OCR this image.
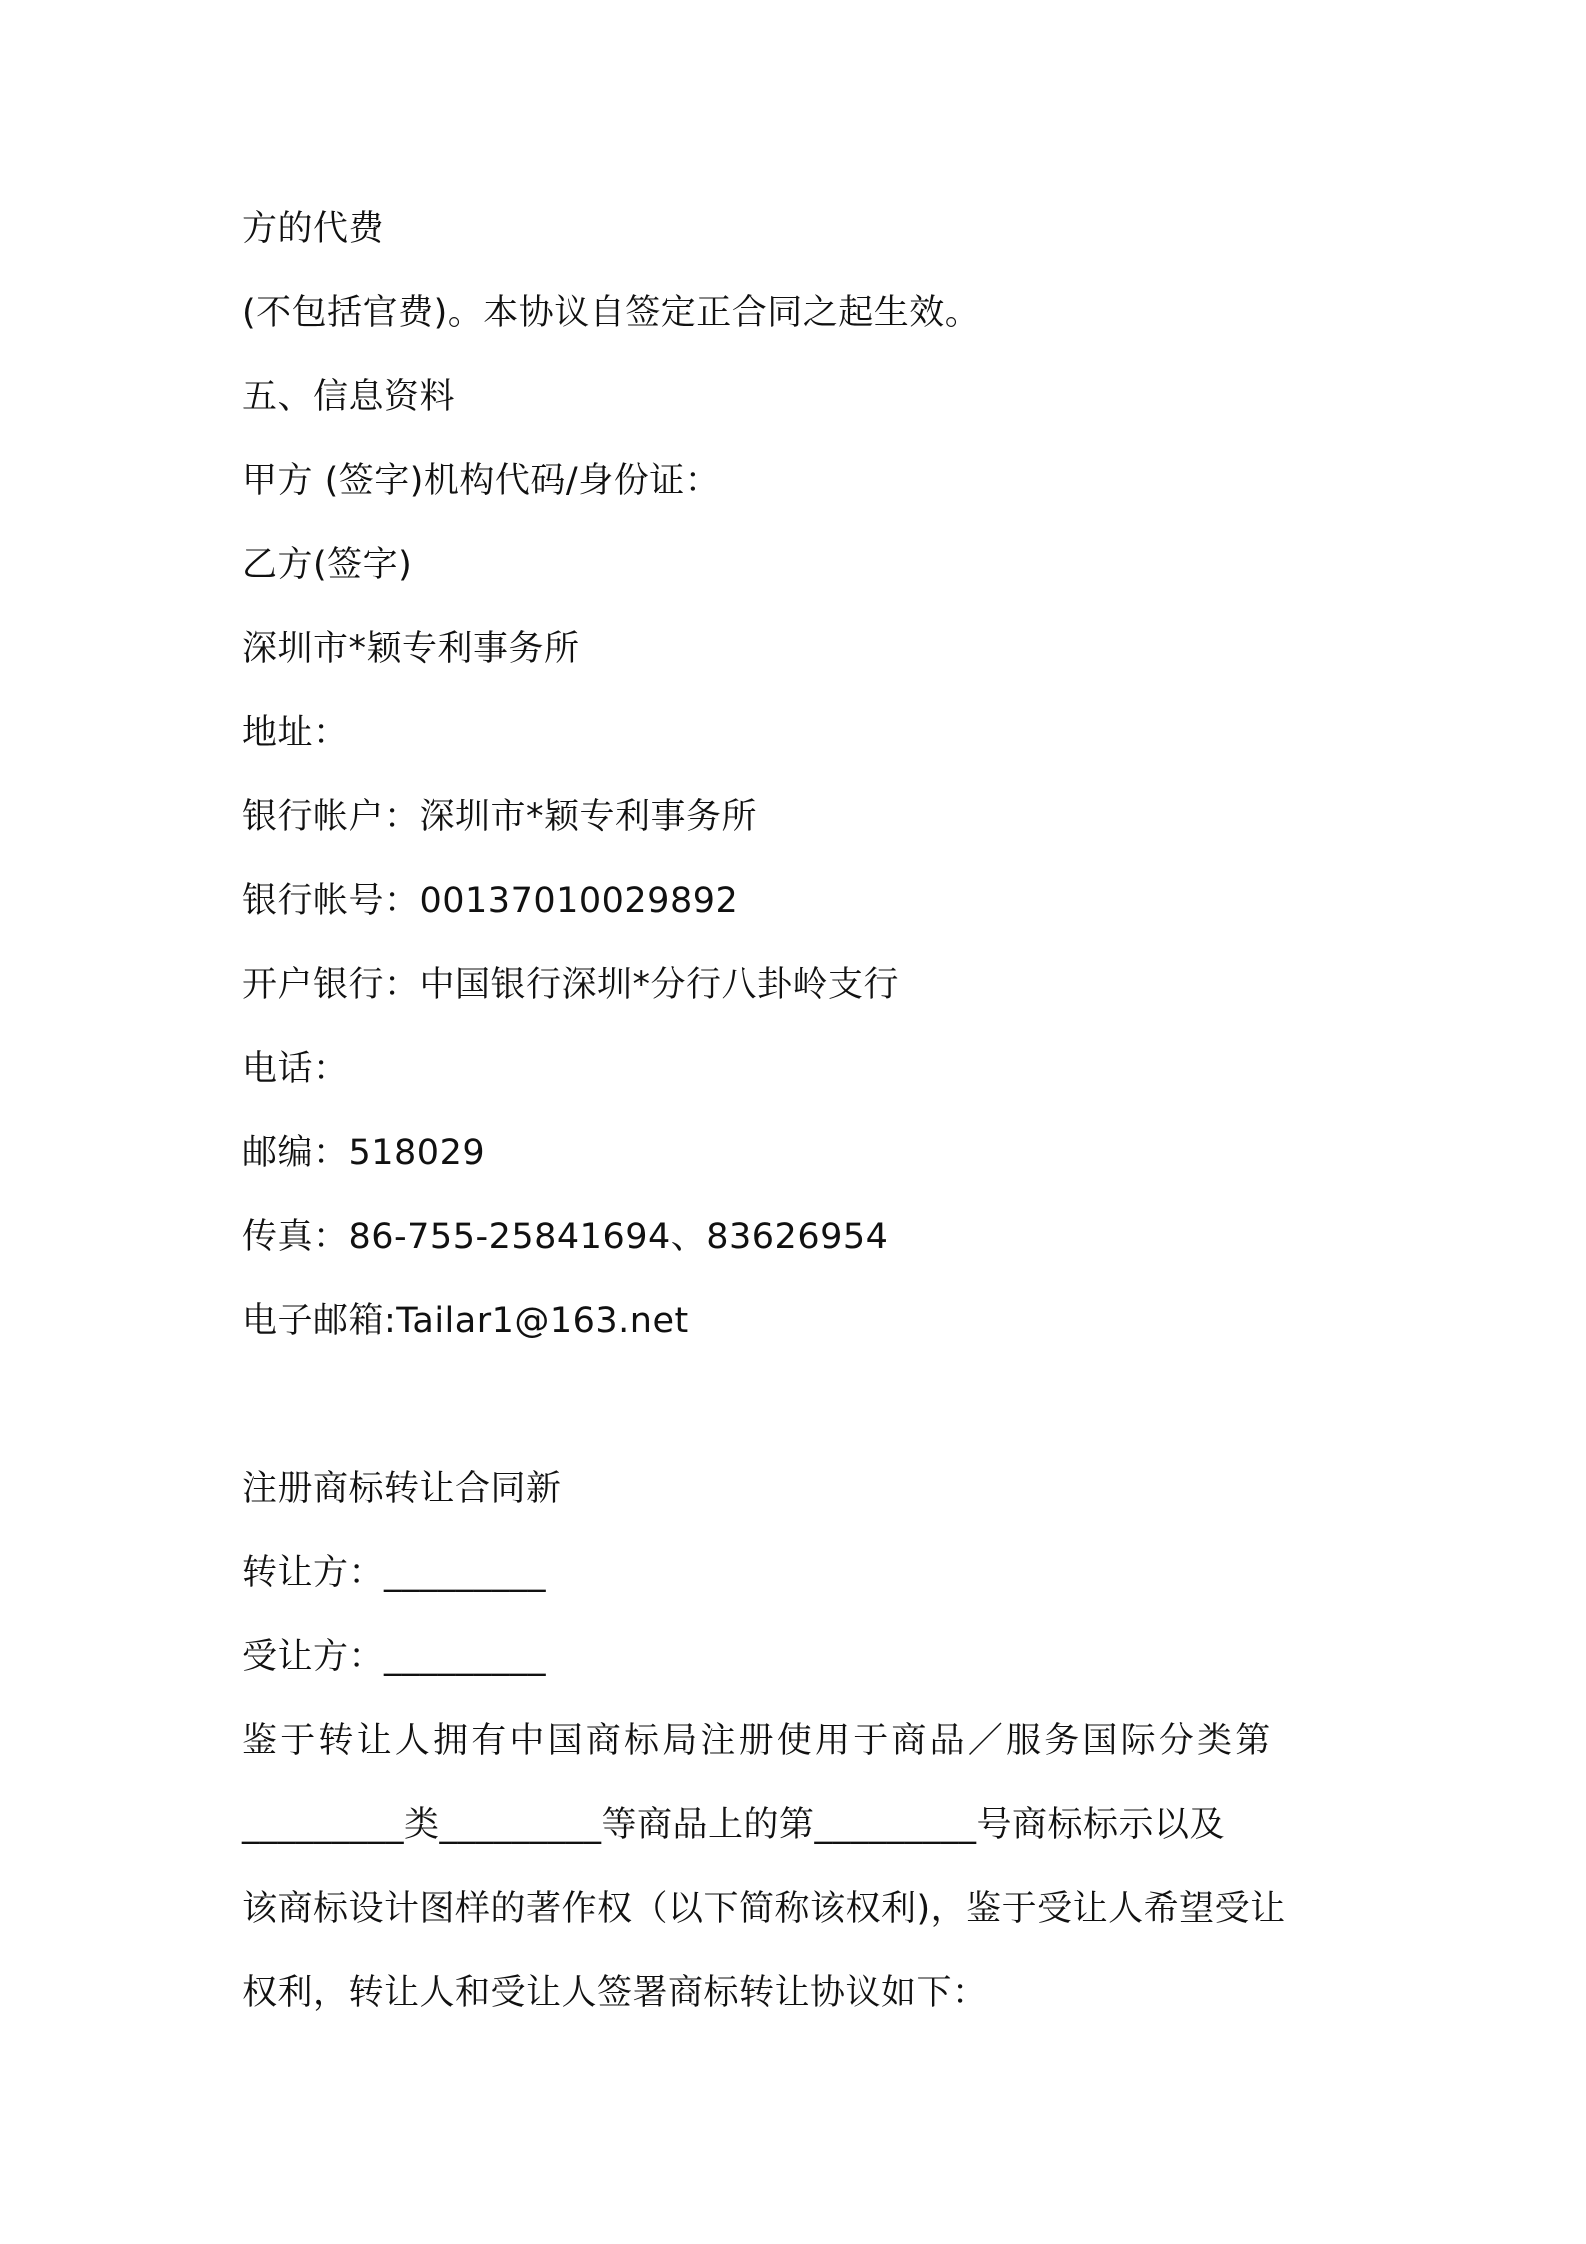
方的代费
(不包括官费)。本协议自签定正合同之起生效。
五、信息资料
甲方 (签字)机构代码/身份证：
乙方(签字)
深圳市*颖专利事务所
地址：
银行帐户：深圳市*颖专利事务所
银行帐号：00137010029892
开户银行：中国银行深圳*分行八卦岭支行
电话：
邮编：518029
传真：86-755-25841694、83626954
电子邮箱:Tailar1@163.net
注册商标转让合同新
转让方：_________
受让方：_________
鉴于转让人拥有中国商标局注册使用于商品／服务国际分类第
_________类_________等商品上的第_________号商标标示以及
该商标设计图样的著作权（以下简称该权利)，鉴于受让人希望受让
权利，转让人和受让人签署商标转让协议如下：
